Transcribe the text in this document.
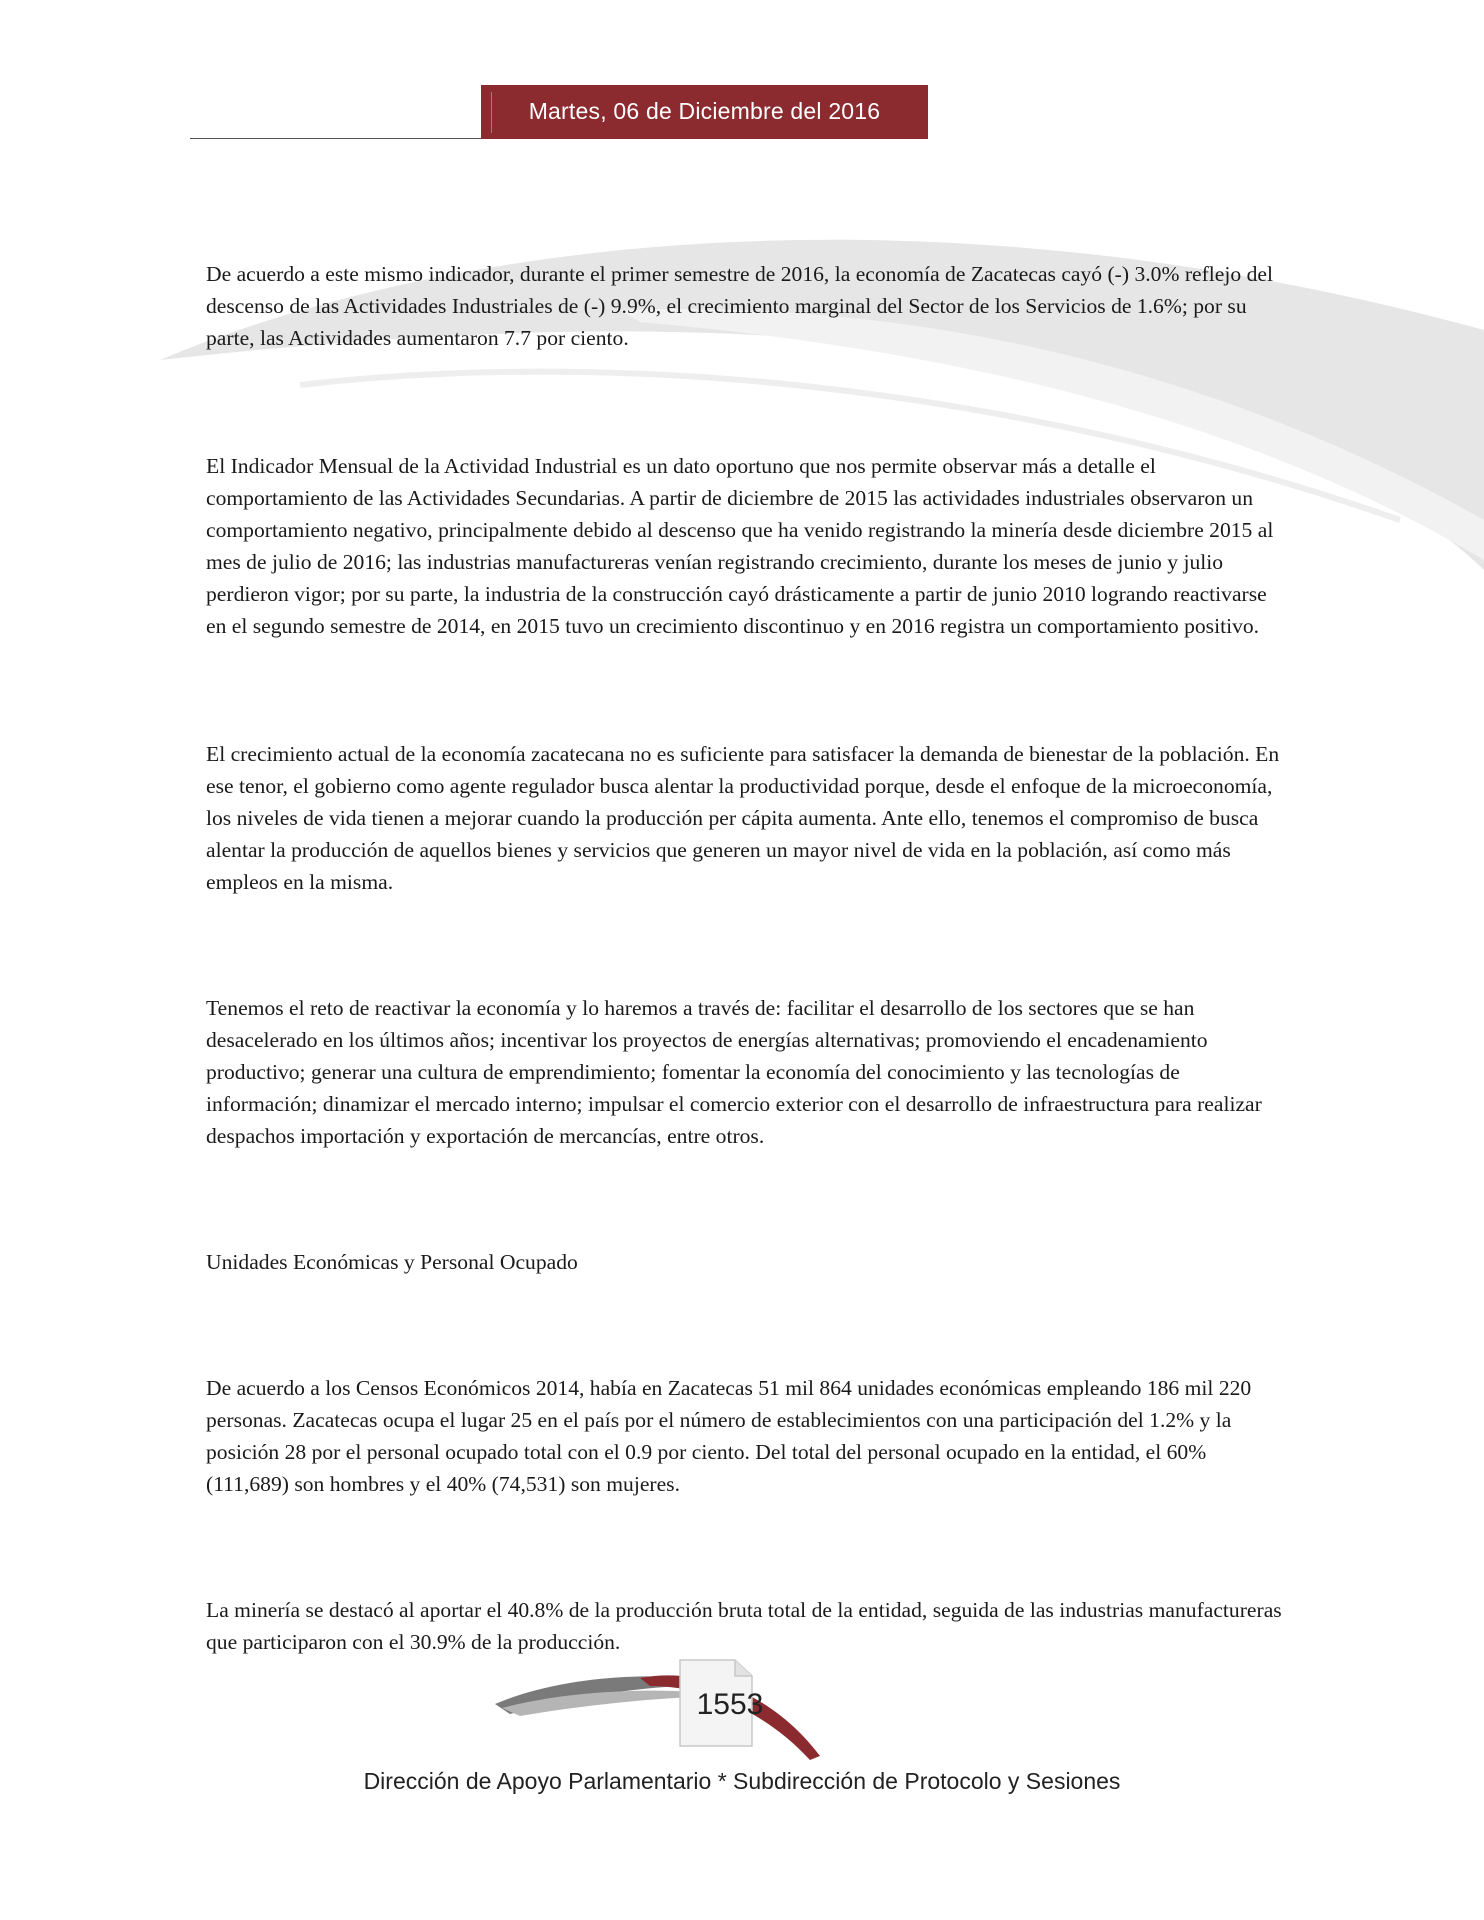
Martes, 06 de Diciembre del 2016

De acuerdo a este mismo indicador, durante el primer semestre de 2016, la economía de Zacatecas cayó (-) 3.0% reflejo del descenso de las Actividades Industriales de (-) 9.9%, el crecimiento marginal del Sector de los Servicios de 1.6%; por su parte, las Actividades aumentaron 7.7 por ciento.

El Indicador Mensual de la Actividad Industrial es un dato oportuno que nos permite observar más a detalle el comportamiento de las Actividades Secundarias. A partir de diciembre de 2015 las actividades industriales observaron un comportamiento negativo, principalmente debido al descenso que ha venido registrando la minería desde diciembre 2015 al mes de julio de 2016; las industrias manufactureras venían registrando crecimiento, durante los meses de junio y julio perdieron vigor; por su parte, la industria de la construcción cayó drásticamente a partir de junio 2010 logrando reactivarse en el segundo semestre de 2014, en 2015 tuvo un crecimiento discontinuo y en 2016 registra un comportamiento positivo.

El crecimiento actual de la economía zacatecana no es suficiente para satisfacer la demanda de bienestar de la población. En ese tenor, el gobierno como agente regulador busca alentar la productividad porque, desde el enfoque de la microeconomía, los niveles de vida tienen a mejorar cuando la producción per cápita aumenta. Ante ello, tenemos el compromiso de busca alentar la producción de aquellos bienes y servicios que generen un mayor nivel de vida en la población, así como más empleos en la misma.

Tenemos el reto de reactivar la economía y lo haremos a través de: facilitar el desarrollo de los sectores que se han desacelerado en los últimos años; incentivar los proyectos de energías alternativas; promoviendo el encadenamiento productivo; generar una cultura de emprendimiento; fomentar la economía del conocimiento y las tecnologías de información; dinamizar el mercado interno; impulsar el comercio exterior con el desarrollo de infraestructura para realizar despachos importación y exportación de mercancías, entre otros.

Unidades Económicas y Personal Ocupado

De acuerdo a los Censos Económicos 2014, había en Zacatecas 51 mil 864 unidades económicas empleando 186 mil 220 personas. Zacatecas ocupa el lugar 25 en el país por el número de establecimientos con una participación del 1.2% y la posición 28 por el personal ocupado total con el 0.9 por ciento. Del total del personal ocupado en la entidad, el 60% (111,689) son hombres y el 40% (74,531) son mujeres.

La minería se destacó al aportar el 40.8% de la producción bruta total de la entidad, seguida de las industrias manufactureras que participaron con el 30.9% de la producción.

1553
Dirección de Apoyo Parlamentario * Subdirección de Protocolo y Sesiones
